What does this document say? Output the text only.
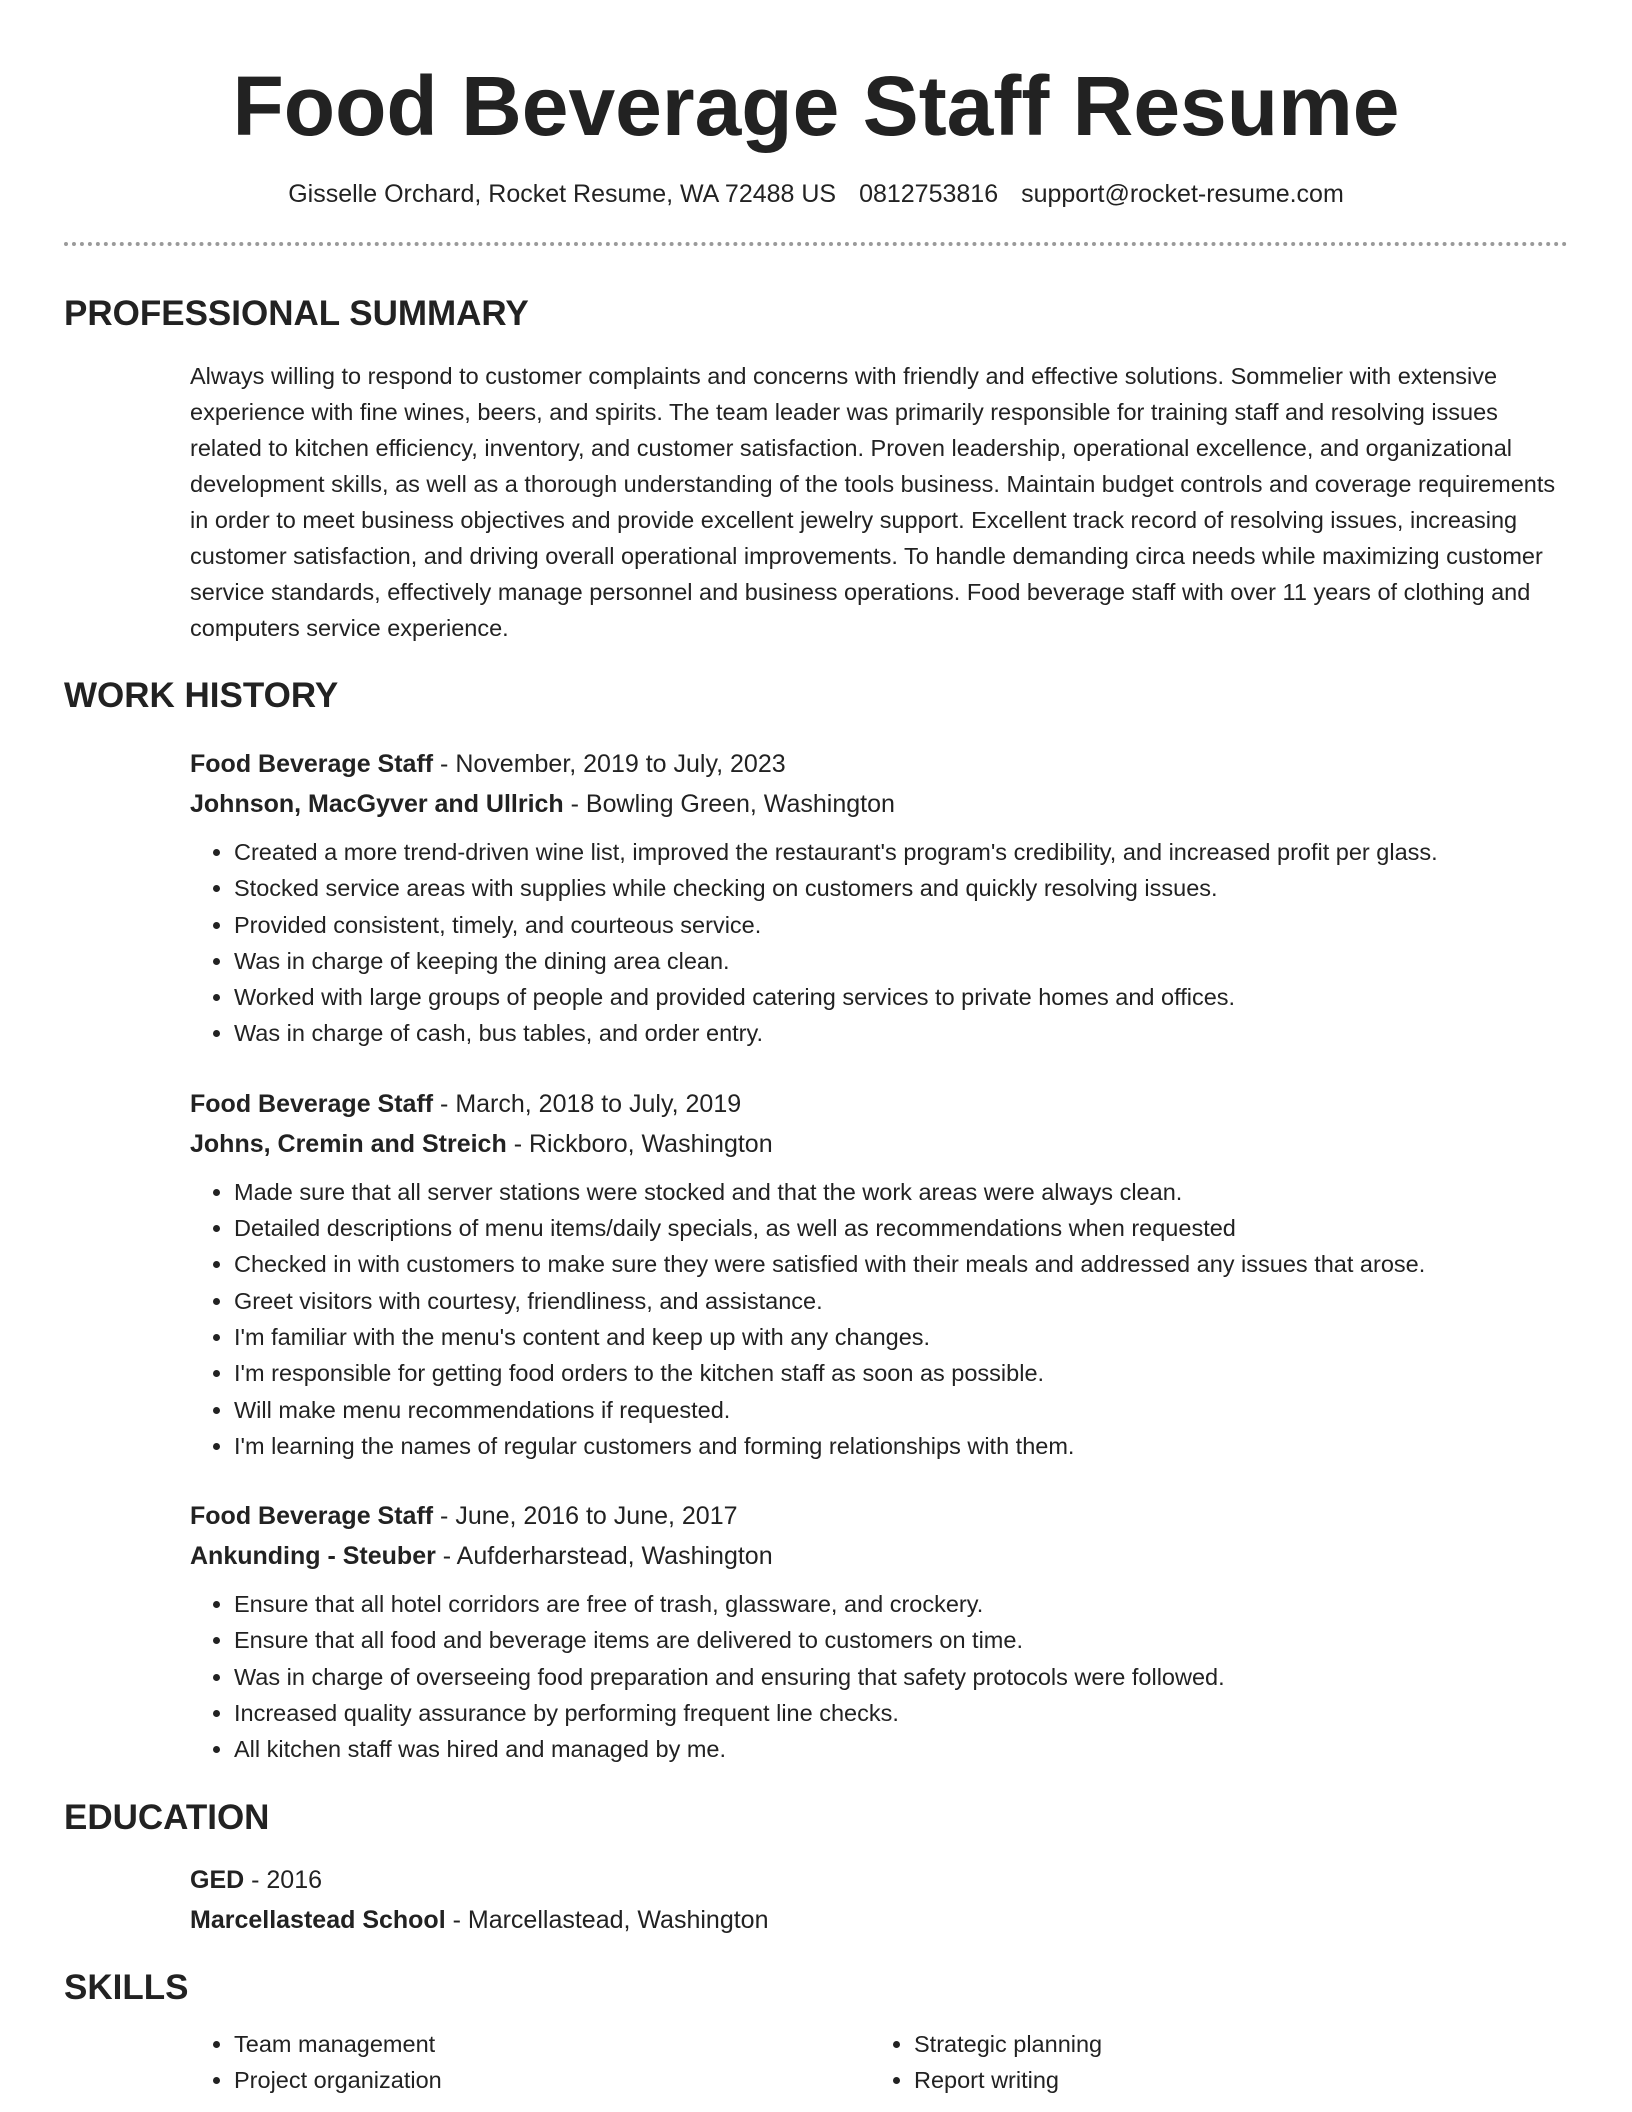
Food Beverage Staff Resume
Gisselle Orchard, Rocket Resume, WA 72488 US 0812753816 support@rocket-resume.com
PROFESSIONAL SUMMARY
Always willing to respond to customer complaints and concerns with friendly and effective solutions. Sommelier with extensive experience with fine wines, beers, and spirits. The team leader was primarily responsible for training staff and resolving issues related to kitchen efficiency, inventory, and customer satisfaction. Proven leadership, operational excellence, and organizational development skills, as well as a thorough understanding of the tools business. Maintain budget controls and coverage requirements in order to meet business objectives and provide excellent jewelry support. Excellent track record of resolving issues, increasing customer satisfaction, and driving overall operational improvements. To handle demanding circa needs while maximizing customer service standards, effectively manage personnel and business operations. Food beverage staff with over 11 years of clothing and computers service experience.
WORK HISTORY
Food Beverage Staff - November, 2019 to July, 2023
Johnson, MacGyver and Ullrich - Bowling Green, Washington
• Created a more trend-driven wine list, improved the restaurant's program's credibility, and increased profit per glass.
• Stocked service areas with supplies while checking on customers and quickly resolving issues.
• Provided consistent, timely, and courteous service.
• Was in charge of keeping the dining area clean.
• Worked with large groups of people and provided catering services to private homes and offices.
• Was in charge of cash, bus tables, and order entry.
Food Beverage Staff - March, 2018 to July, 2019
Johns, Cremin and Streich - Rickboro, Washington
• Made sure that all server stations were stocked and that the work areas were always clean.
• Detailed descriptions of menu items/daily specials, as well as recommendations when requested
• Checked in with customers to make sure they were satisfied with their meals and addressed any issues that arose.
• Greet visitors with courtesy, friendliness, and assistance.
• I'm familiar with the menu's content and keep up with any changes.
• I'm responsible for getting food orders to the kitchen staff as soon as possible.
• Will make menu recommendations if requested.
• I'm learning the names of regular customers and forming relationships with them.
Food Beverage Staff - June, 2016 to June, 2017
Ankunding - Steuber - Aufderharstead, Washington
• Ensure that all hotel corridors are free of trash, glassware, and crockery.
• Ensure that all food and beverage items are delivered to customers on time.
• Was in charge of overseeing food preparation and ensuring that safety protocols were followed.
• Increased quality assurance by performing frequent line checks.
• All kitchen staff was hired and managed by me.
EDUCATION
GED - 2016
Marcellastead School - Marcellastead, Washington
SKILLS
• Team management
• Project organization
• Strategic planning
• Report writing
